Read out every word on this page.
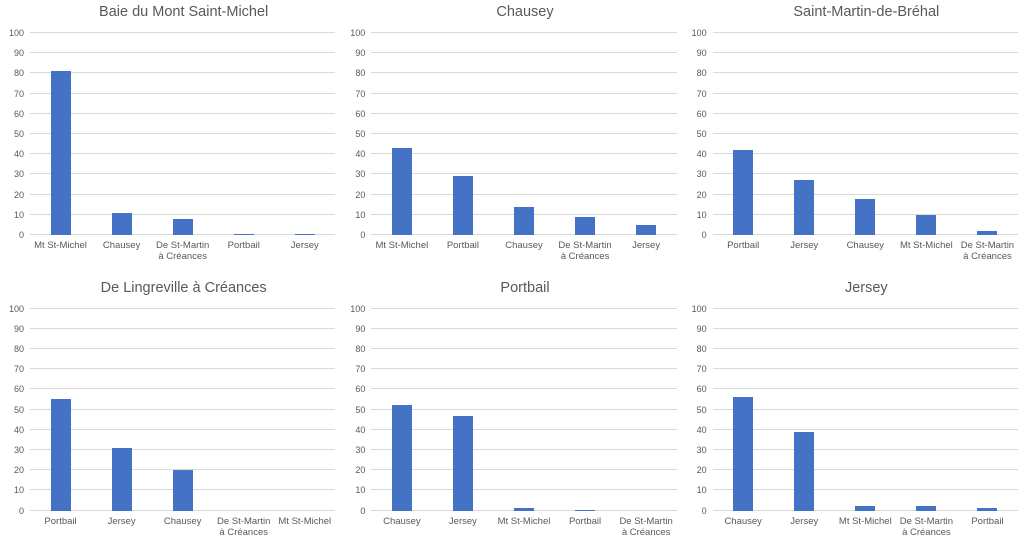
Baie du Mont Saint-Michel
0
10
20
30
40
50
60
70
80
90
100
Mt St-Michel	Chausey	De St-Martin à Créances
Portbail	Jersey
Chausey
0
10
20
30
40
50
60
70
80
90
100
Mt St-Michel	Portbail	Chausey	De St-Martin à Créances
Jersey
Saint-Martin-de-Bréhal
0
10
20
30
40
50
60
70
80
90
100
Portbail	Jersey	Chausey	Mt St-Michel De St-Martin à Créances
De Lingreville à Créances
0
10
20
30
40
50
60
70
80
90
100
Portbail	Jersey	Chausey	De St-Martin à Créances
Mt St-Michel
Portbail
0
10
20
30
40
50
60
70
80
90
100
Chausey	Jersey	Mt St-Michel	Portbail	De St-Martin à Créances
Jersey
0
10
20
30
40
50
60
70
80
90
100
Chausey	Jersey	Mt St-Michel De St-Martin à Créances
Portbail
